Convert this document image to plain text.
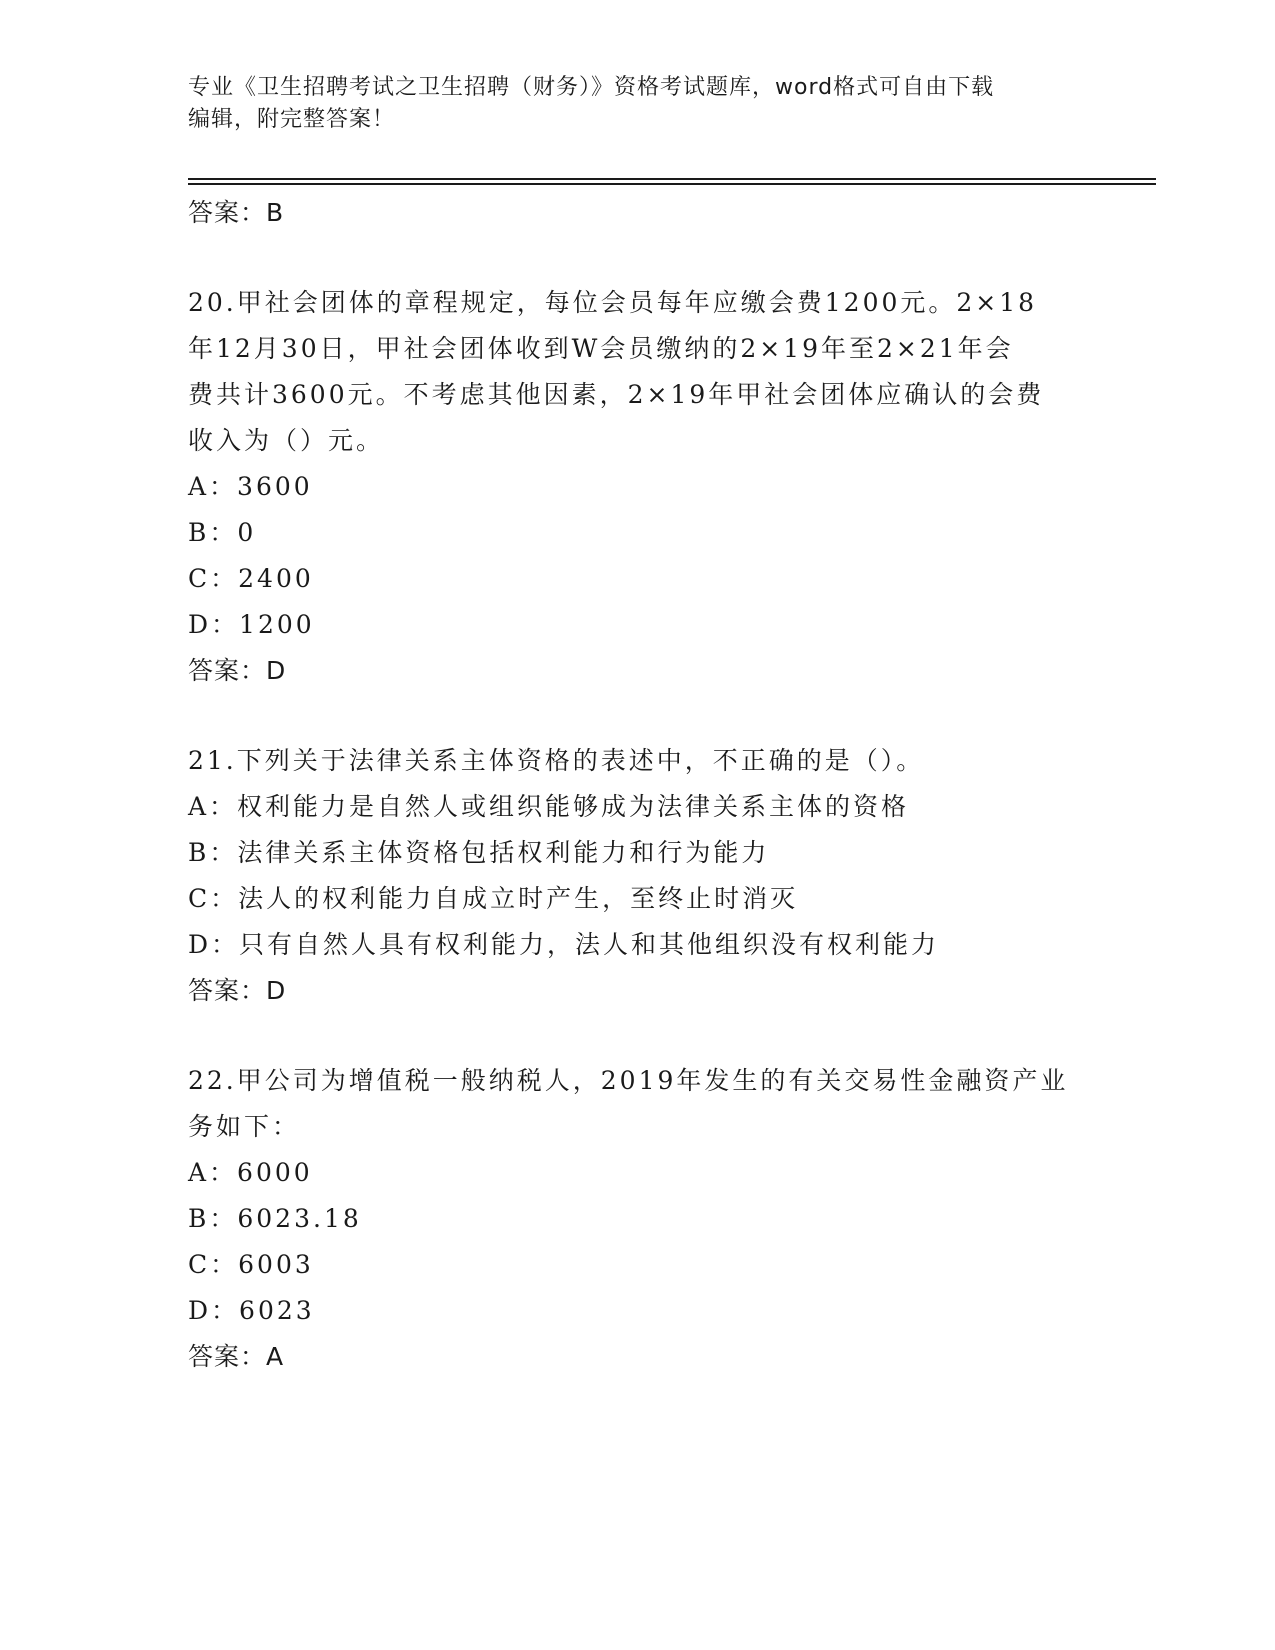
专业《卫生招聘考试之卫生招聘（财务）》资格考试题库，word格式可自由下载
编辑，附完整答案！
答案：B
20.甲社会团体的章程规定，每位会员每年应缴会费1200元。2×18
年12月30日，甲社会团体收到W会员缴纳的2×19年至2×21年会
费共计3600元。不考虑其他因素，2×19年甲社会团体应确认的会费
收入为（）元。
A：3600
B：0
C：2400
D：1200
答案：D
21.下列关于法律关系主体资格的表述中，不正确的是（）。
A：权利能力是自然人或组织能够成为法律关系主体的资格
B：法律关系主体资格包括权利能力和行为能力
C：法人的权利能力自成立时产生，至终止时消灭
D：只有自然人具有权利能力，法人和其他组织没有权利能力
答案：D
22.甲公司为增值税一般纳税人，2019年发生的有关交易性金融资产业
务如下：
A：6000
B：6023.18
C：6003
D：6023
答案：A
